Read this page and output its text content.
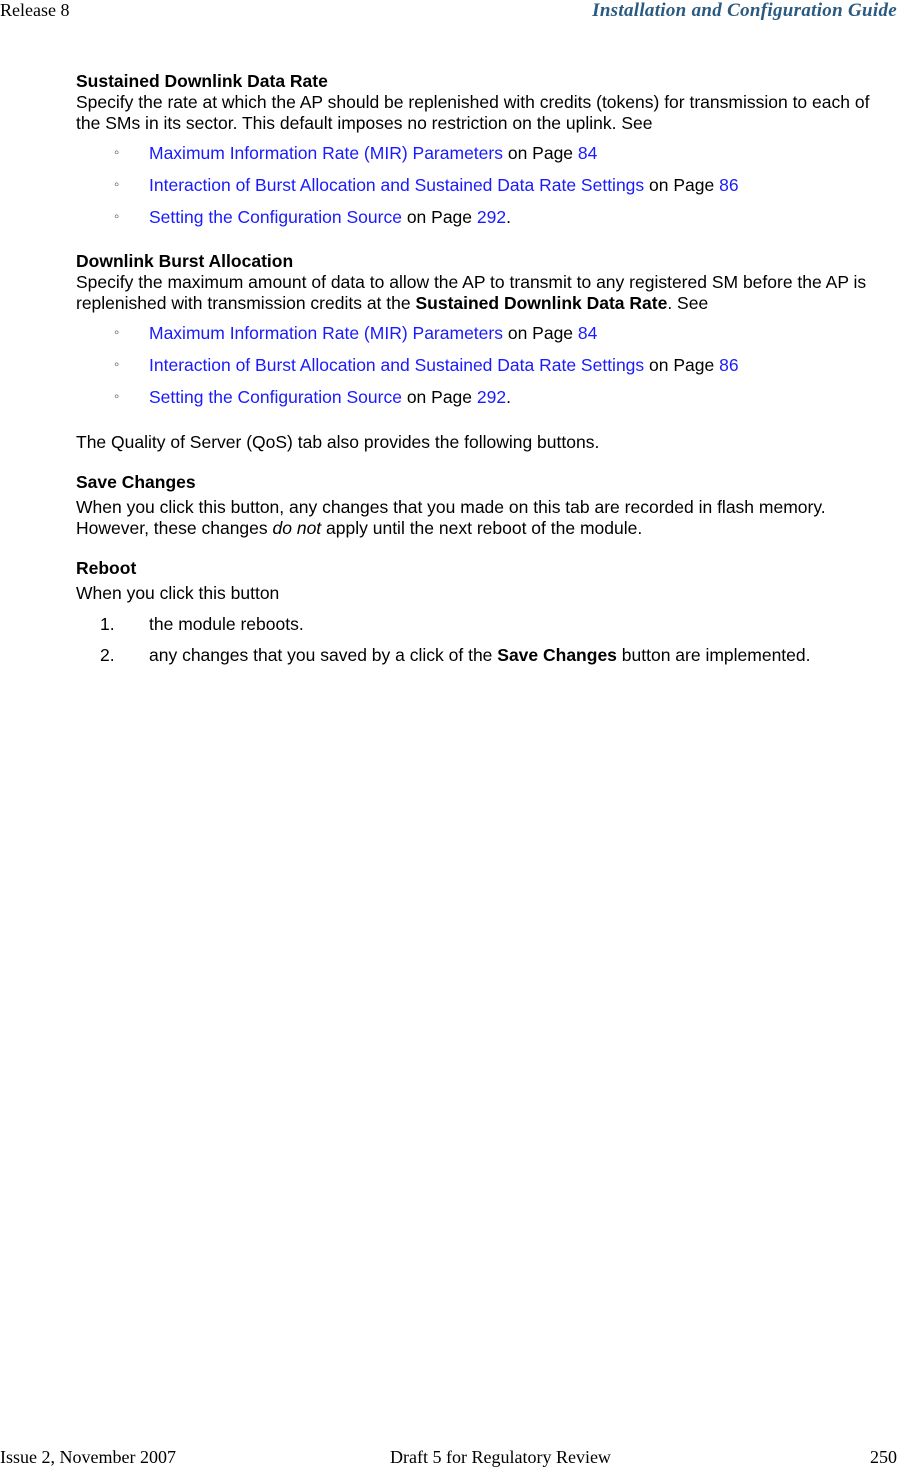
Release 8	Installation and Configuration Guide
Sustained Downlink Data Rate

Specify the rate at which the AP should be replenished with credits (tokens) for transmission to each of the SMs in its sector. This default imposes no restriction on the uplink. See

◦ Maximum Information Rate (MIR) Parameters on Page 84
◦ Interaction of Burst Allocation and Sustained Data Rate Settings on Page 86
◦ Setting the Configuration Source on Page 292.
Downlink Burst Allocation

Specify the maximum amount of data to allow the AP to transmit to any registered SM before the AP is replenished with transmission credits at the Sustained Downlink Data Rate. See

◦ Maximum Information Rate (MIR) Parameters on Page 84
◦ Interaction of Burst Allocation and Sustained Data Rate Settings on Page 86
◦ Setting the Configuration Source on Page 292.

The Quality of Server (QoS) tab also provides the following buttons.

Save Changes

When you click this button, any changes that you made on this tab are recorded in flash memory. However, these changes do not apply until the next reboot of the module.

Reboot

When you click this button

1. the module reboots.
2. any changes that you saved by a click of the Save Changes button are implemented.
Issue 2, November 2007	Draft 5 for Regulatory Review	250
